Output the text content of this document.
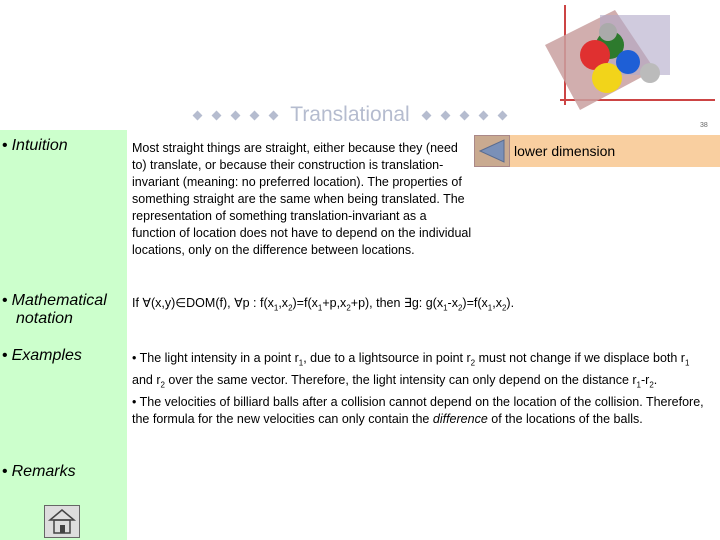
Translational	38
• Intuition	Most straight things are straight, either because they (need to) translate, or because their construction is translation-invariant (meaning: no preferred location). The properties of something straight are the same when being translated. The representation of something translation-invariant as a function of location does not have to depend on the individual locations, only on the difference between locations.
lower dimension
• Mathematical
notation
If ∀(x,y)∈DOM(f), ∀p : $f(x_1,x_2)=f(x_1+p,x_2+p)$, then ∃g: $g(x_1-x_2)=f(x_1,x_2)$.
• Examples	• The light intensity in a point $r_1$, due to a lightsource in point $r_2$ must not change if we displace both $r_1$ and $r_2$ over the same vector. Therefore, the light intensity can only depend on the distance $r_1-r_2$.

• The velocities of billiard balls after a collision cannot depend on the location of the collision. Therefore, the formula for the new velocities can only contain the difference of the locations of the balls.

• Remarks
